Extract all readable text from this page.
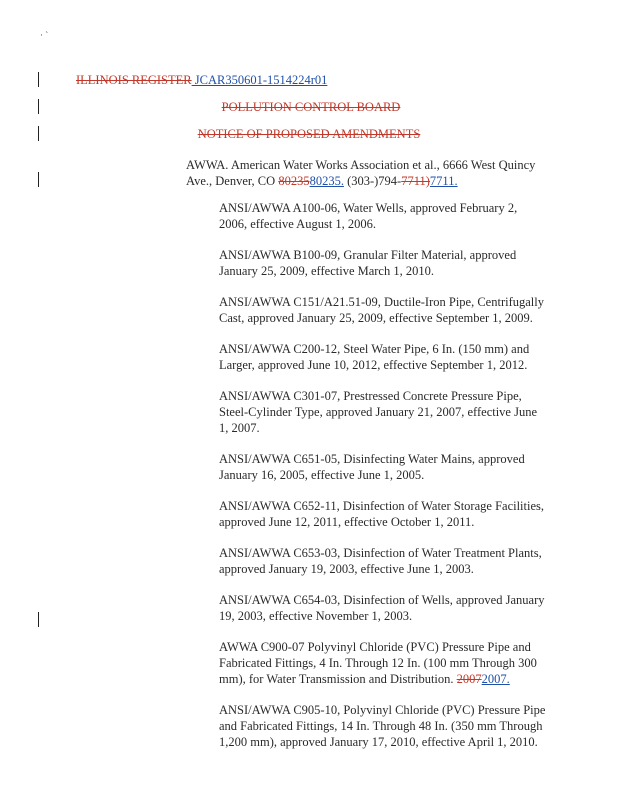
· ˋ
ILLINOIS REGISTER JCAR350601-1514224r01
POLLUTION CONTROL BOARD
NOTICE OF PROPOSED AMENDMENTS
AWWA. American Water Works Association et al., 6666 West Quincy Ave., Denver, CO 8023580235. (303-)794-7711)7711.

ANSI/AWWA A100-06, Water Wells, approved February 2, 2006, effective August 1, 2006.

ANSI/AWWA B100-09, Granular Filter Material, approved January 25, 2009, effective March 1, 2010.

ANSI/AWWA C151/A21.51-09, Ductile-Iron Pipe, Centrifugally Cast, approved January 25, 2009, effective September 1, 2009.

ANSI/AWWA C200-12, Steel Water Pipe, 6 In. (150 mm) and Larger, approved June 10, 2012, effective September 1, 2012.

ANSI/AWWA C301-07, Prestressed Concrete Pressure Pipe, Steel-Cylinder Type, approved January 21, 2007, effective June 1, 2007.

ANSI/AWWA C651-05, Disinfecting Water Mains, approved January 16, 2005, effective June 1, 2005.

ANSI/AWWA C652-11, Disinfection of Water Storage Facilities, approved June 12, 2011, effective October 1, 2011.

ANSI/AWWA C653-03, Disinfection of Water Treatment Plants, approved January 19, 2003, effective June 1, 2003.

ANSI/AWWA C654-03, Disinfection of Wells, approved January 19, 2003, effective November 1, 2003.

AWWA C900-07 Polyvinyl Chloride (PVC) Pressure Pipe and Fabricated Fittings, 4 In. Through 12 In. (100 mm Through 300 mm), for Water Transmission and Distribution. 20072007.

ANSI/AWWA C905-10, Polyvinyl Chloride (PVC) Pressure Pipe and Fabricated Fittings, 14 In. Through 48 In. (350 mm Through 1,200 mm), approved January 17, 2010, effective April 1, 2010.
